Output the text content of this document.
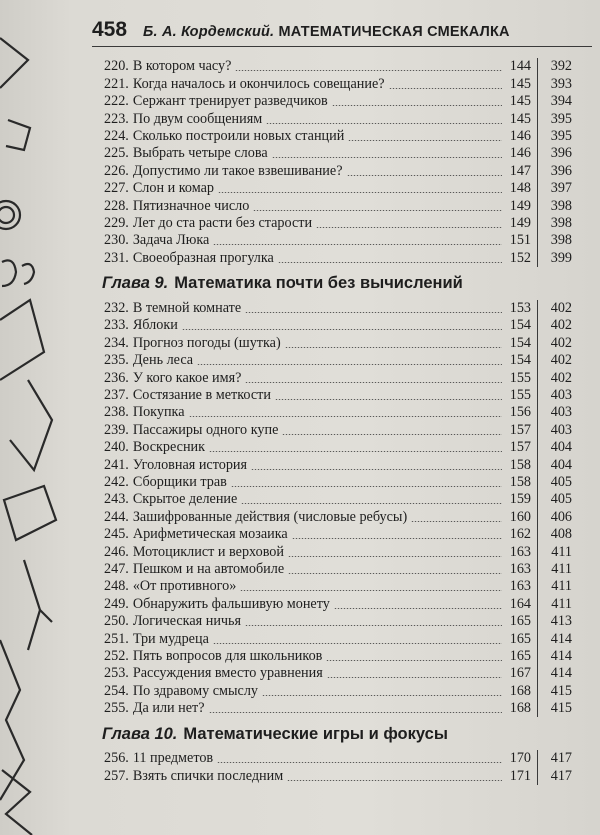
458 Б. А. Кордемский. МАТЕМАТИЧЕСКАЯ СМЕКАЛКА
220. В котором часу?	144	392
221. Когда началось и окончилось совещание?	145	393
222. Сержант тренирует разведчиков	145	394
223. По двум сообщениям	145	395
224. Сколько построили новых станций	146	395
225. Выбрать четыре слова	146	396
226. Допустимо ли такое взвешивание?	147	396
227. Слон и комар	148	397
228. Пятизначное число	149	398
229. Лет до ста расти без старости	149	398
230. Задача Люка	151	398
231. Своеобразная прогулка	152	399
Глава 9. Математика почти без вычислений
232. В темной комнате	153	402
233. Яблоки	154	402
234. Прогноз погоды (шутка)	154	402
235. День леса	154	402
236. У кого какое имя?	155	402
237. Состязание в меткости	155	403
238. Покупка	156	403
239. Пассажиры одного купе	157	403
240. Воскресник	157	404
241. Уголовная история	158	404
242. Сборщики трав	158	405
243. Скрытое деление	159	405
244. Зашифрованные действия (числовые ребусы)	160	406
245. Арифметическая мозаика	162	408
246. Мотоциклист и верховой	163	411
247. Пешком и на автомобиле	163	411
248. «От противного»	163	411
249. Обнаружить фальшивую монету	164	411
250. Логическая ничья	165	413
251. Три мудреца	165	414
252. Пять вопросов для школьников	165	414
253. Рассуждения вместо уравнения	167	414
254. По здравому смыслу	168	415
255. Да или нет?	168	415
Глава 10. Математические игры и фокусы
256. 11 предметов	170	417
257. Взять спички последним	171	417
